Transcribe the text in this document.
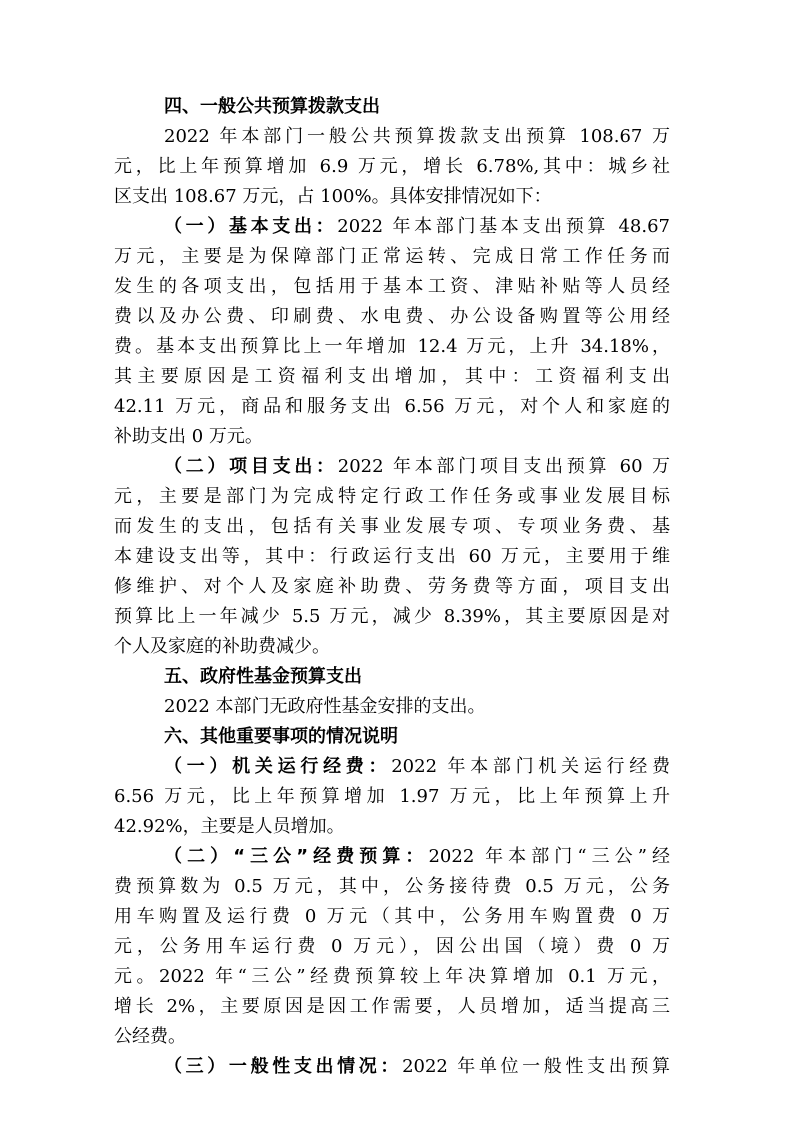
四、一般公共预算拨款支出
2022 年本部门一般公共预算拨款支出预算 108.67 万
元，比上年预算增加 6.9 万元，增长 6.78%,其中：城乡社
区支出 108.67 万元，占 100%。具体安排情况如下：
（一）基本支出：2022 年本部门基本支出预算 48.67
万元，主要是为保障部门正常运转、完成日常工作任务而
发生的各项支出，包括用于基本工资、津贴补贴等人员经
费以及办公费、印刷费、水电费、办公设备购置等公用经
费。基本支出预算比上一年增加 12.4 万元，上升 34.18%，
其主要原因是工资福利支出增加，其中：工资福利支出
42.11 万元，商品和服务支出 6.56 万元，对个人和家庭的
补助支出 0 万元。
（二）项目支出：2022 年本部门项目支出预算 60 万
元，主要是部门为完成特定行政工作任务或事业发展目标
而发生的支出，包括有关事业发展专项、专项业务费、基
本建设支出等，其中：行政运行支出 60 万元，主要用于维
修维护、对个人及家庭补助费、劳务费等方面，项目支出
预算比上一年减少 5.5 万元，减少 8.39%，其主要原因是对
个人及家庭的补助费减少。
五、政府性基金预算支出
2022 本部门无政府性基金安排的支出。
六、其他重要事项的情况说明
（一）机关运行经费：2022 年本部门机关运行经费
6.56 万元，比上年预算增加 1.97 万元，比上年预算上升
42.92%，主要是人员增加。
（二）“三公”经费预算：2022 年本部门“三公”经
费预算数为 0.5 万元，其中，公务接待费 0.5 万元，公务
用车购置及运行费 0 万元（其中，公务用车购置费 0 万
元，公务用车运行费 0 万元），因公出国（境）费 0 万
元。2022 年“三公”经费预算较上年决算增加 0.1 万元，
增长 2%，主要原因是因工作需要，人员增加，适当提高三
公经费。
（三）一般性支出情况：2022 年单位一般性支出预算
